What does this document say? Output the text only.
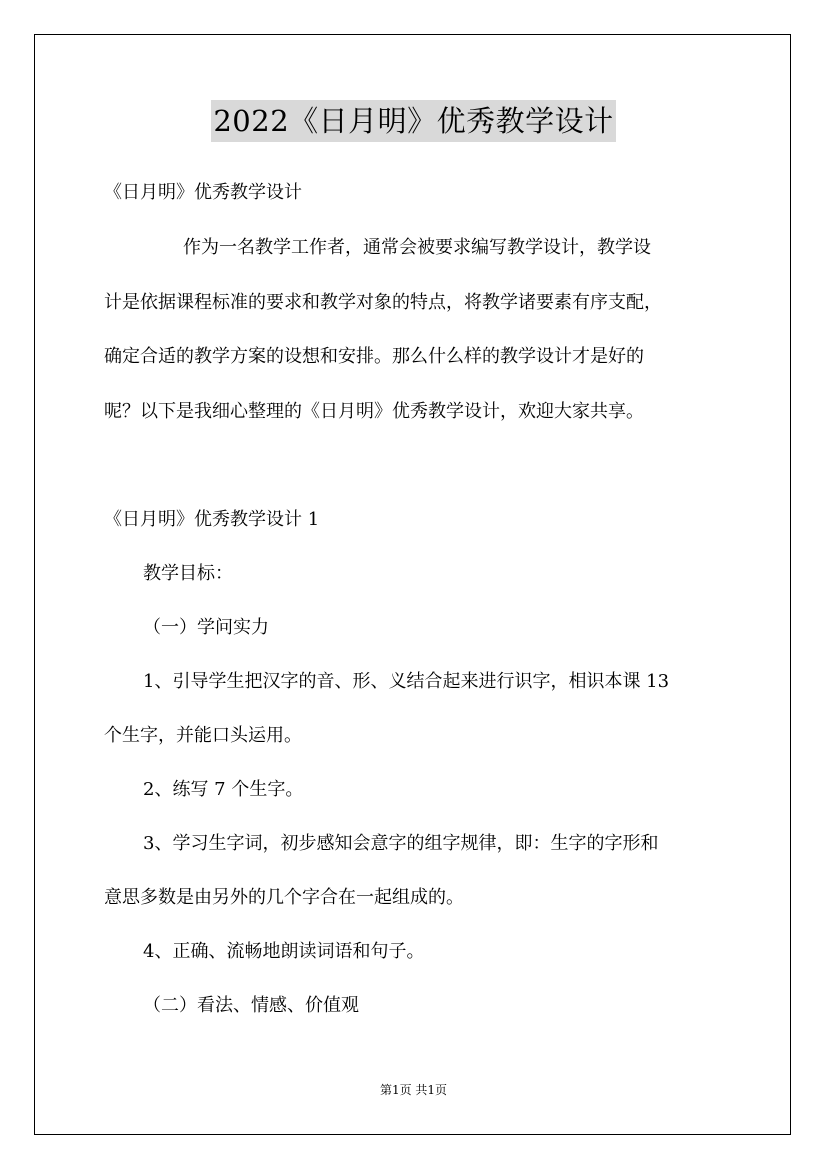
2022《日月明》优秀教学设计

《日月明》优秀教学设计

作为一名教学工作者，通常会被要求编写教学设计，教学设

计是依据课程标准的要求和教学对象的特点，将教学诸要素有序支配，

确定合适的教学方案的设想和安排。那么什么样的教学设计才是好的

呢？以下是我细心整理的《日月明》优秀教学设计，欢迎大家共享。

《日月明》优秀教学设计 1

教学目标：

（一）学问实力

1、引导学生把汉字的音、形、义结合起来进行识字，相识本课 13

个生字，并能口头运用。

2、练写 7 个生字。

3、学习生字词，初步感知会意字的组字规律，即：生字的字形和

意思多数是由另外的几个字合在一起组成的。

4、正确、流畅地朗读词语和句子。

（二）看法、情感、价值观

第1页 共1页
